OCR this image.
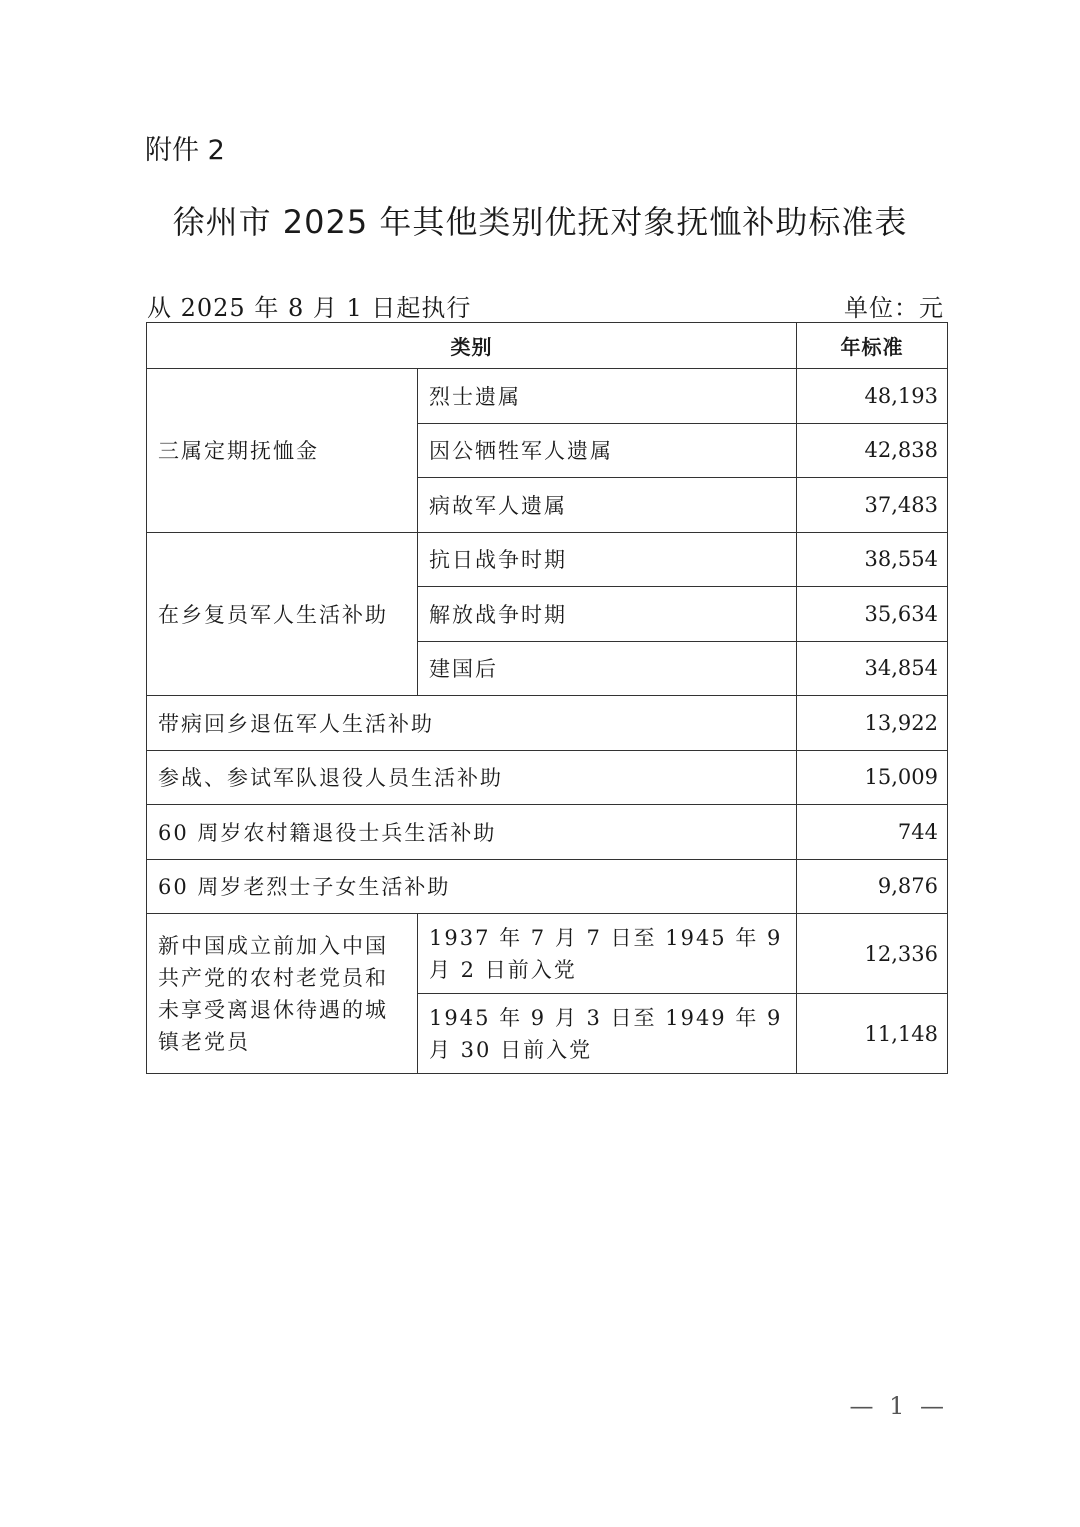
附件 2
徐州市 2025 年其他类别优抚对象抚恤补助标准表
从 2025 年 8 月 1 日起执行	单位：元
类别		年标准
三属定期抚恤金	烈士遗属	48,193
	因公牺牲军人遗属	42,838
	病故军人遗属	37,483
在乡复员军人生活补助	抗日战争时期	38,554
	解放战争时期	35,634
	建国后	34,854
带病回乡退伍军人生活补助		13,922
参战、参试军队退役人员生活补助		15,009
60 周岁农村籍退役士兵生活补助		744
60 周岁老烈士子女生活补助		9,876
新中国成立前加入中国共产党的农村老党员和未享受离退休待遇的城镇老党员	1937 年 7 月 7 日至 1945 年 9 月 2 日前入党	12,336
	1945 年 9 月 3 日至 1949 年 9 月 30 日前入党	11,148
— 1 —
